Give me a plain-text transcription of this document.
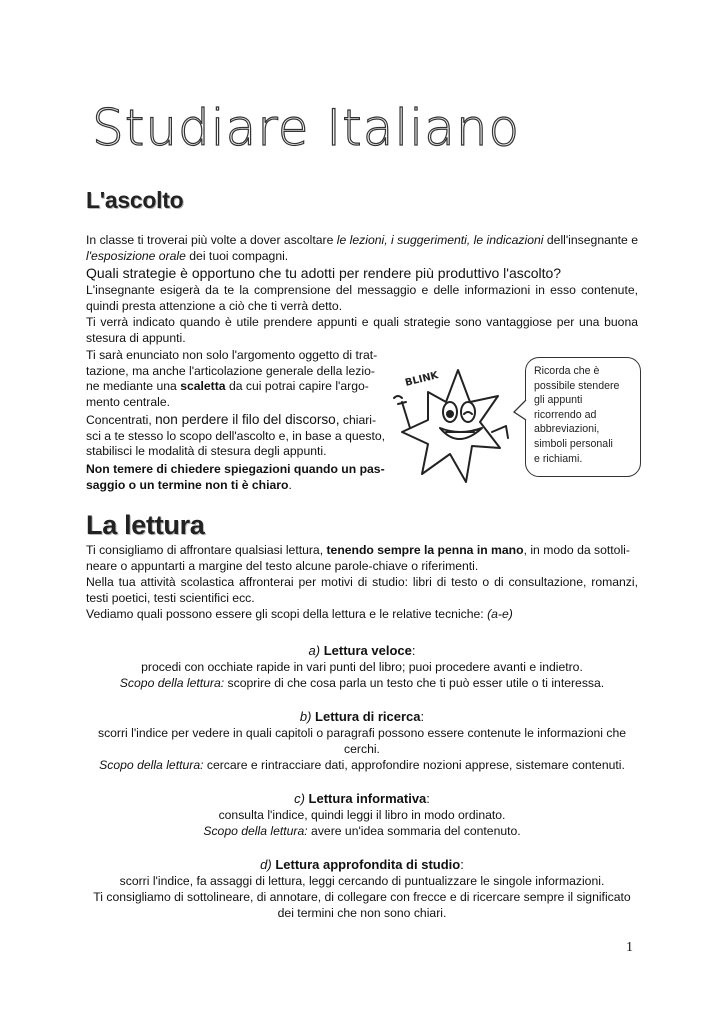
Studiare Italiano
L'ascolto
In classe ti troverai più volte a dover ascoltare le lezioni, i suggerimenti, le indicazioni dell'insegnante e l'esposizione orale dei tuoi compagni.
Quali strategie è opportuno che tu adotti per rendere più produttivo l'ascolto?
L'insegnante esigerà da te la comprensione del messaggio e delle informazioni in esso contenute, quindi presta attenzione a ciò che ti verrà detto.
Ti verrà indicato quando è utile prendere appunti e quali strategie sono vantaggiose per una buona stesura di appunti.
Ti sarà enunciato non solo l'argomento oggetto di trat-
tazione, ma anche l'articolazione generale della lezio-
ne mediante una scaletta da cui potrai capire l'argo-
mento centrale.
Concentrati, non perdere il filo del discorso, chiari-
sci a te stesso lo scopo dell'ascolto e, in base a questo,
stabilisci le modalità di stesura degli appunti.
Non temere di chiedere spiegazioni quando un pas-
saggio o un termine non ti è chiaro.
BLINK	Ricorda che è
possibile stendere
gli appunti
ricorrendo ad
abbreviazioni,
simboli personali
e richiami.
La lettura
Ti consigliamo di affrontare qualsiasi lettura, tenendo sempre la penna in mano, in modo da sottoli-
neare o appuntarti a margine del testo alcune parole-chiave o riferimenti.
Nella tua attività scolastica affronterai per motivi di studio: libri di testo o di consultazione, romanzi, testi poetici, testi scientifici ecc.
Vediamo quali possono essere gli scopi della lettura e le relative tecniche: (a-e)
a) Lettura veloce:
procedi con occhiate rapide in vari punti del libro; puoi procedere avanti e indietro.
Scopo della lettura: scoprire di che cosa parla un testo che ti può esser utile o ti interessa.
b) Lettura di ricerca:
scorri l'indice per vedere in quali capitoli o paragrafi possono essere contenute le informazioni che
cerchi.
Scopo della lettura: cercare e rintracciare dati, approfondire nozioni apprese, sistemare contenuti.
c) Lettura informativa:
consulta l'indice, quindi leggi il libro in modo ordinato.
Scopo della lettura: avere un'idea sommaria del contenuto.
d) Lettura approfondita di studio:
scorri l'indice, fa assaggi di lettura, leggi cercando di puntualizzare le singole informazioni.
Ti consigliamo di sottolineare, di annotare, di collegare con frecce e di ricercare sempre il significato
dei termini che non sono chiari.
1
